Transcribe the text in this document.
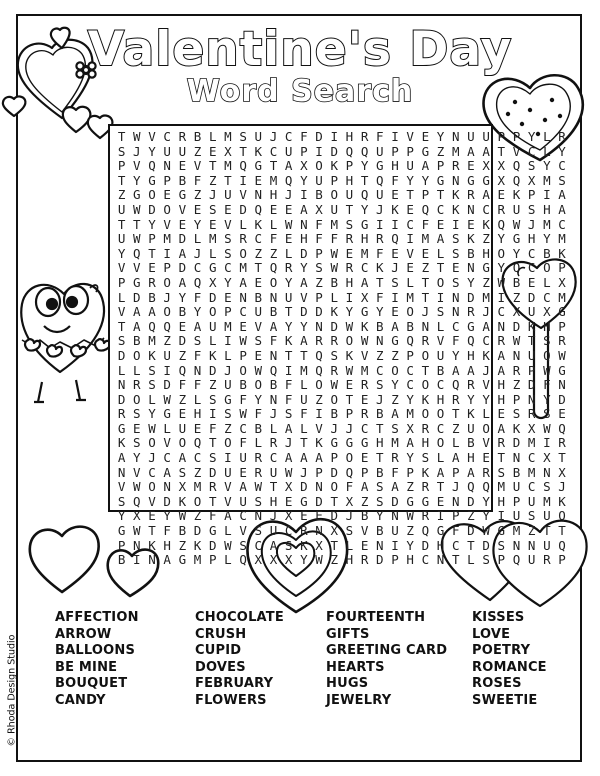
Valentine's Day
Word Search
T W V C R B L M S U J C F D I H R F I V E Y N U U P P Y L R
S J Y U U Z E X T K C U P I D Q Q U P P G Z M A A T V C L Y
P V Q N E V T M Q G T A X O K P Y G H U A P R E X X Q S Y C
T Y G P B F Z T I E M Q Y U P H T Q F Y Y G N G G X Q X M S
Z G O E G Z J U V N H J I B O U Q U E T P T K R A E K P I A
U W D O V E S E D Q E E A X U T Y J K E Q C K N C R U S H A
T T Y V E Y E V L K L W N F M S G I I C F E I E K Q W J M C
U W P M D L M S R C F E H F F R H R Q I M A S K Z Y G H Y M
Y Q T I A J L S O Z Z L D P W E M F E V E L S B H O Y C B K
V V E P D C G C M T Q R Y S W R C K J E Z T E N G Y Q C O P
P G R O A Q X Y A E O Y A Z B H A T S L T O S Y Z W B E L X
L D B J Y F D E N B N U V P L I X F I M T I N D M I Z D C M
V A A O B Y O P C U B T D D K Y G Y E O J S N R J C X U X G
T A Q Q E A U M E V A Y Y N D W K B A B N L C G A N D K H P
S B M Z D S L I W S F K A R R O W N G Q R V F Q C R W T S R
D O K U Z F K L P E N T T Q S K V Z Z P O U Y H K A N U Q W
L L S I Q N D J O W Q I M Q R W M C O C T B A A J A R P W G
N R S D F F Z U B O B F L O W E R S Y C O C Q R V H Z D F N
D O L W Z L S G F Y N F U Z O T E J Z Y K H R Y Y H P N Y D
R S Y G E H I S W F J S F I B P R B A M O O T K L E S R S E
G E W L U E F Z C B L A L V J J C T S X R C Z U O A K X W Q
K S O V O Q T O F L R J T K G G G H M A H O L B V R D M I R
A Y J C A C S I U R C A A A P O E T R Y S L A H E T N C X T
N V C A S Z D U E R U W J P D Q P B F P K A P A R S B M N X
V W O N X M R V A W T X D N O F A S A Z R T J Q Q M U C S J
S Q V D K O T V U S H E G D T X Z S D G G E N D Y H P U M K
Y X E Y W Z F A C N J X E E D J B Y N W R I P Z Y I U S U Q
G W T F B D G L V S U C R N X S V B U Z Q G F D W G M Z T T
P N K H Z K D W S C A S K X T L E N I Y D H C T D S N N U Q
B I N A G M P L Q X X X Y W Z H R D P H C N T L S P Q U R P
AFFECTION
ARROW
BALLOONS
BE MINE
BOUQUET
CANDY
CHOCOLATE
CRUSH
CUPID
DOVES
FEBRUARY
FLOWERS
FOURTEENTH
GIFTS
GREETING CARD
HEARTS
HUGS
JEWELRY
KISSES
LOVE
POETRY
ROMANCE
ROSES
SWEETIE
© Rhoda Design Studio
